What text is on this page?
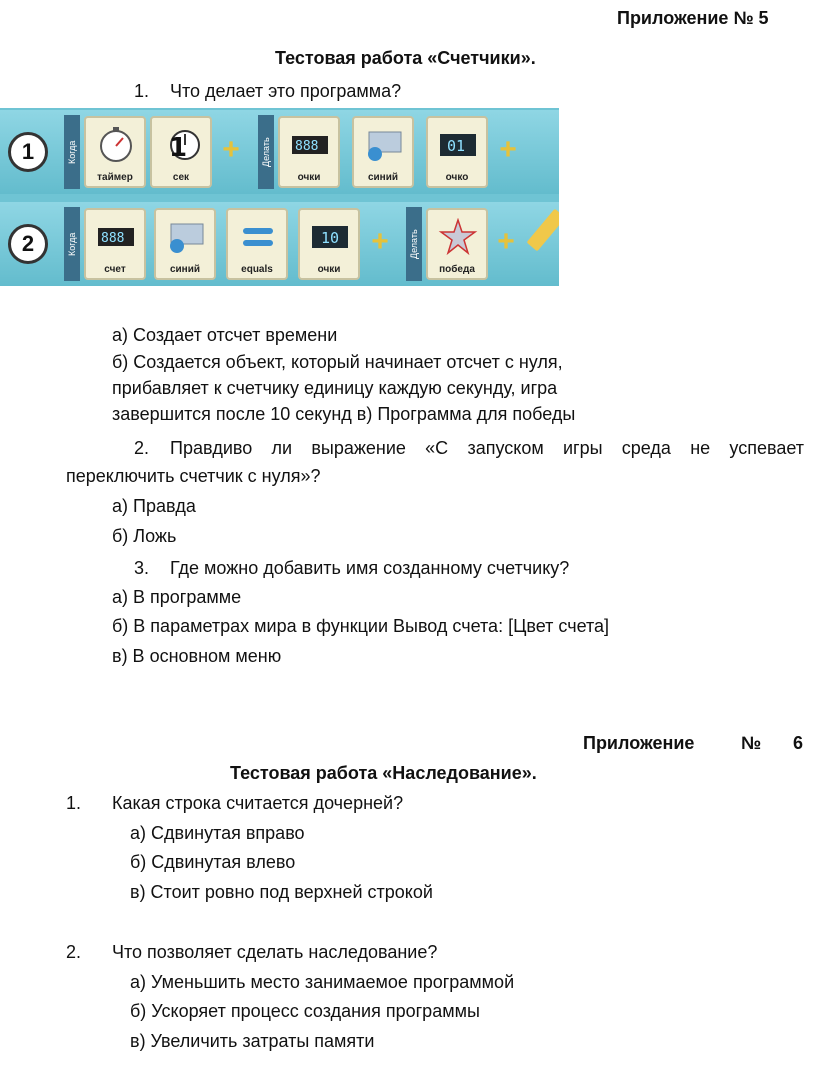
Приложение № 5
Тестовая работа «Счетчики».
1. Что делает это программа?
1	Когда
таймер
1
сек
+	Делать 888
очки	синий
01
очко
+
2	Когда 888
счет	синий	equals
10
очки
+	Делать
победа
+
а) Создает отсчет времени
б) Создается объект, который начинает отсчет с нуля,
прибавляет к счетчику единицу каждую секунду, игра
завершится после 10 секунд в) Программа для победы
2. Правдиво ли выражение «С запуском игры среда не успевает
переключить счетчик с нуля»?
а) Правда
б) Ложь
3. Где можно добавить имя созданному счетчику?
а) В программе
б) В параметрах мира в функции Вывод счета: [Цвет счета]
в) В основном меню
Приложение	№ 6
Тестовая работа «Наследование».
1. Какая строка считается дочерней?
а) Сдвинутая вправо
б) Сдвинутая влево
в) Стоит ровно под верхней строкой
2. Что позволяет сделать наследование?
а) Уменьшить место занимаемое программой
б) Ускоряет процесс создания программы
в) Увеличить затраты памяти
